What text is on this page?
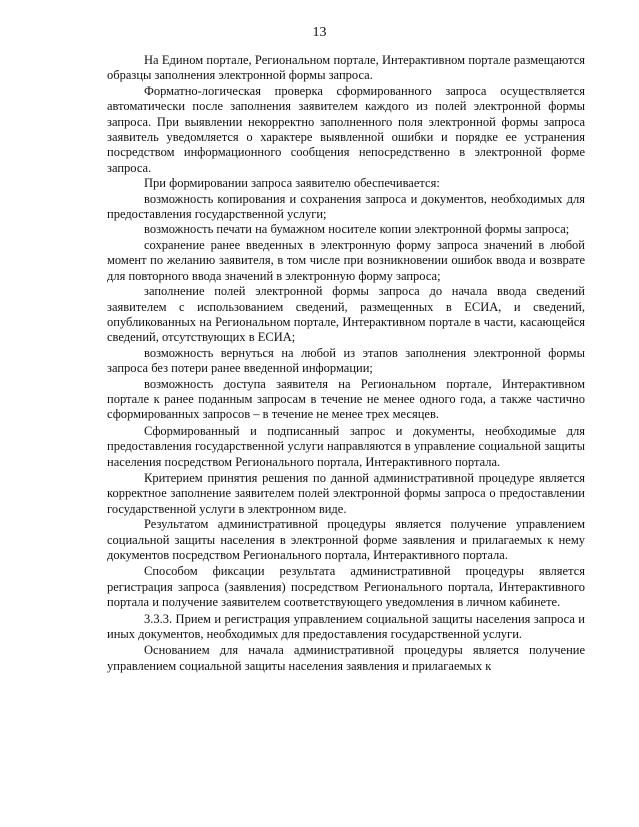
13

На Едином портале, Региональном портале, Интерактивном портале размещаются образцы заполнения электронной формы запроса.

Форматно-логическая проверка сформированного запроса осуществляется автоматически после заполнения заявителем каждого из полей электронной формы запроса. При выявлении некорректно заполненного поля электронной формы запроса заявитель уведомляется о характере выявленной ошибки и порядке ее устранения посредством информационного сообщения непосредственно в электронной форме запроса.

При формировании запроса заявителю обеспечивается:

возможность копирования и сохранения запроса и документов, необходимых для предоставления государственной услуги;

возможность печати на бумажном носителе копии электронной формы запроса;

сохранение ранее введенных в электронную форму запроса значений в любой момент по желанию заявителя, в том числе при возникновении ошибок ввода и возврате для повторного ввода значений в электронную форму запроса;

заполнение полей электронной формы запроса до начала ввода сведений заявителем с использованием сведений, размещенных в ЕСИА, и сведений, опубликованных на Региональном портале, Интерактивном портале в части, касающейся сведений, отсутствующих в ЕСИА;

возможность вернуться на любой из этапов заполнения электронной формы запроса без потери ранее введенной информации;

возможность доступа заявителя на Региональном портале, Интерактивном портале к ранее поданным запросам в течение не менее одного года, а также частично сформированных запросов – в течение не менее трех месяцев.

Сформированный и подписанный запрос и документы, необходимые для предоставления государственной услуги направляются в управление социальной защиты населения посредством Регионального портала, Интерактивного портала.

Критерием принятия решения по данной административной процедуре является корректное заполнение заявителем полей электронной формы запроса о предоставлении государственной услуги в электронном виде.

Результатом административной процедуры является получение управлением социальной защиты населения в электронной форме заявления и прилагаемых к нему документов посредством Регионального портала, Интерактивного портала.

Способом фиксации результата административной процедуры является регистрация запроса (заявления) посредством Регионального портала, Интерактивного портала и получение заявителем соответствующего уведомления в личном кабинете.

3.3.3. Прием и регистрация управлением социальной защиты населения запроса и иных документов, необходимых для предоставления государственной услуги.

Основанием для начала административной процедуры является получение управлением социальной защиты населения заявления и прилагаемых к
